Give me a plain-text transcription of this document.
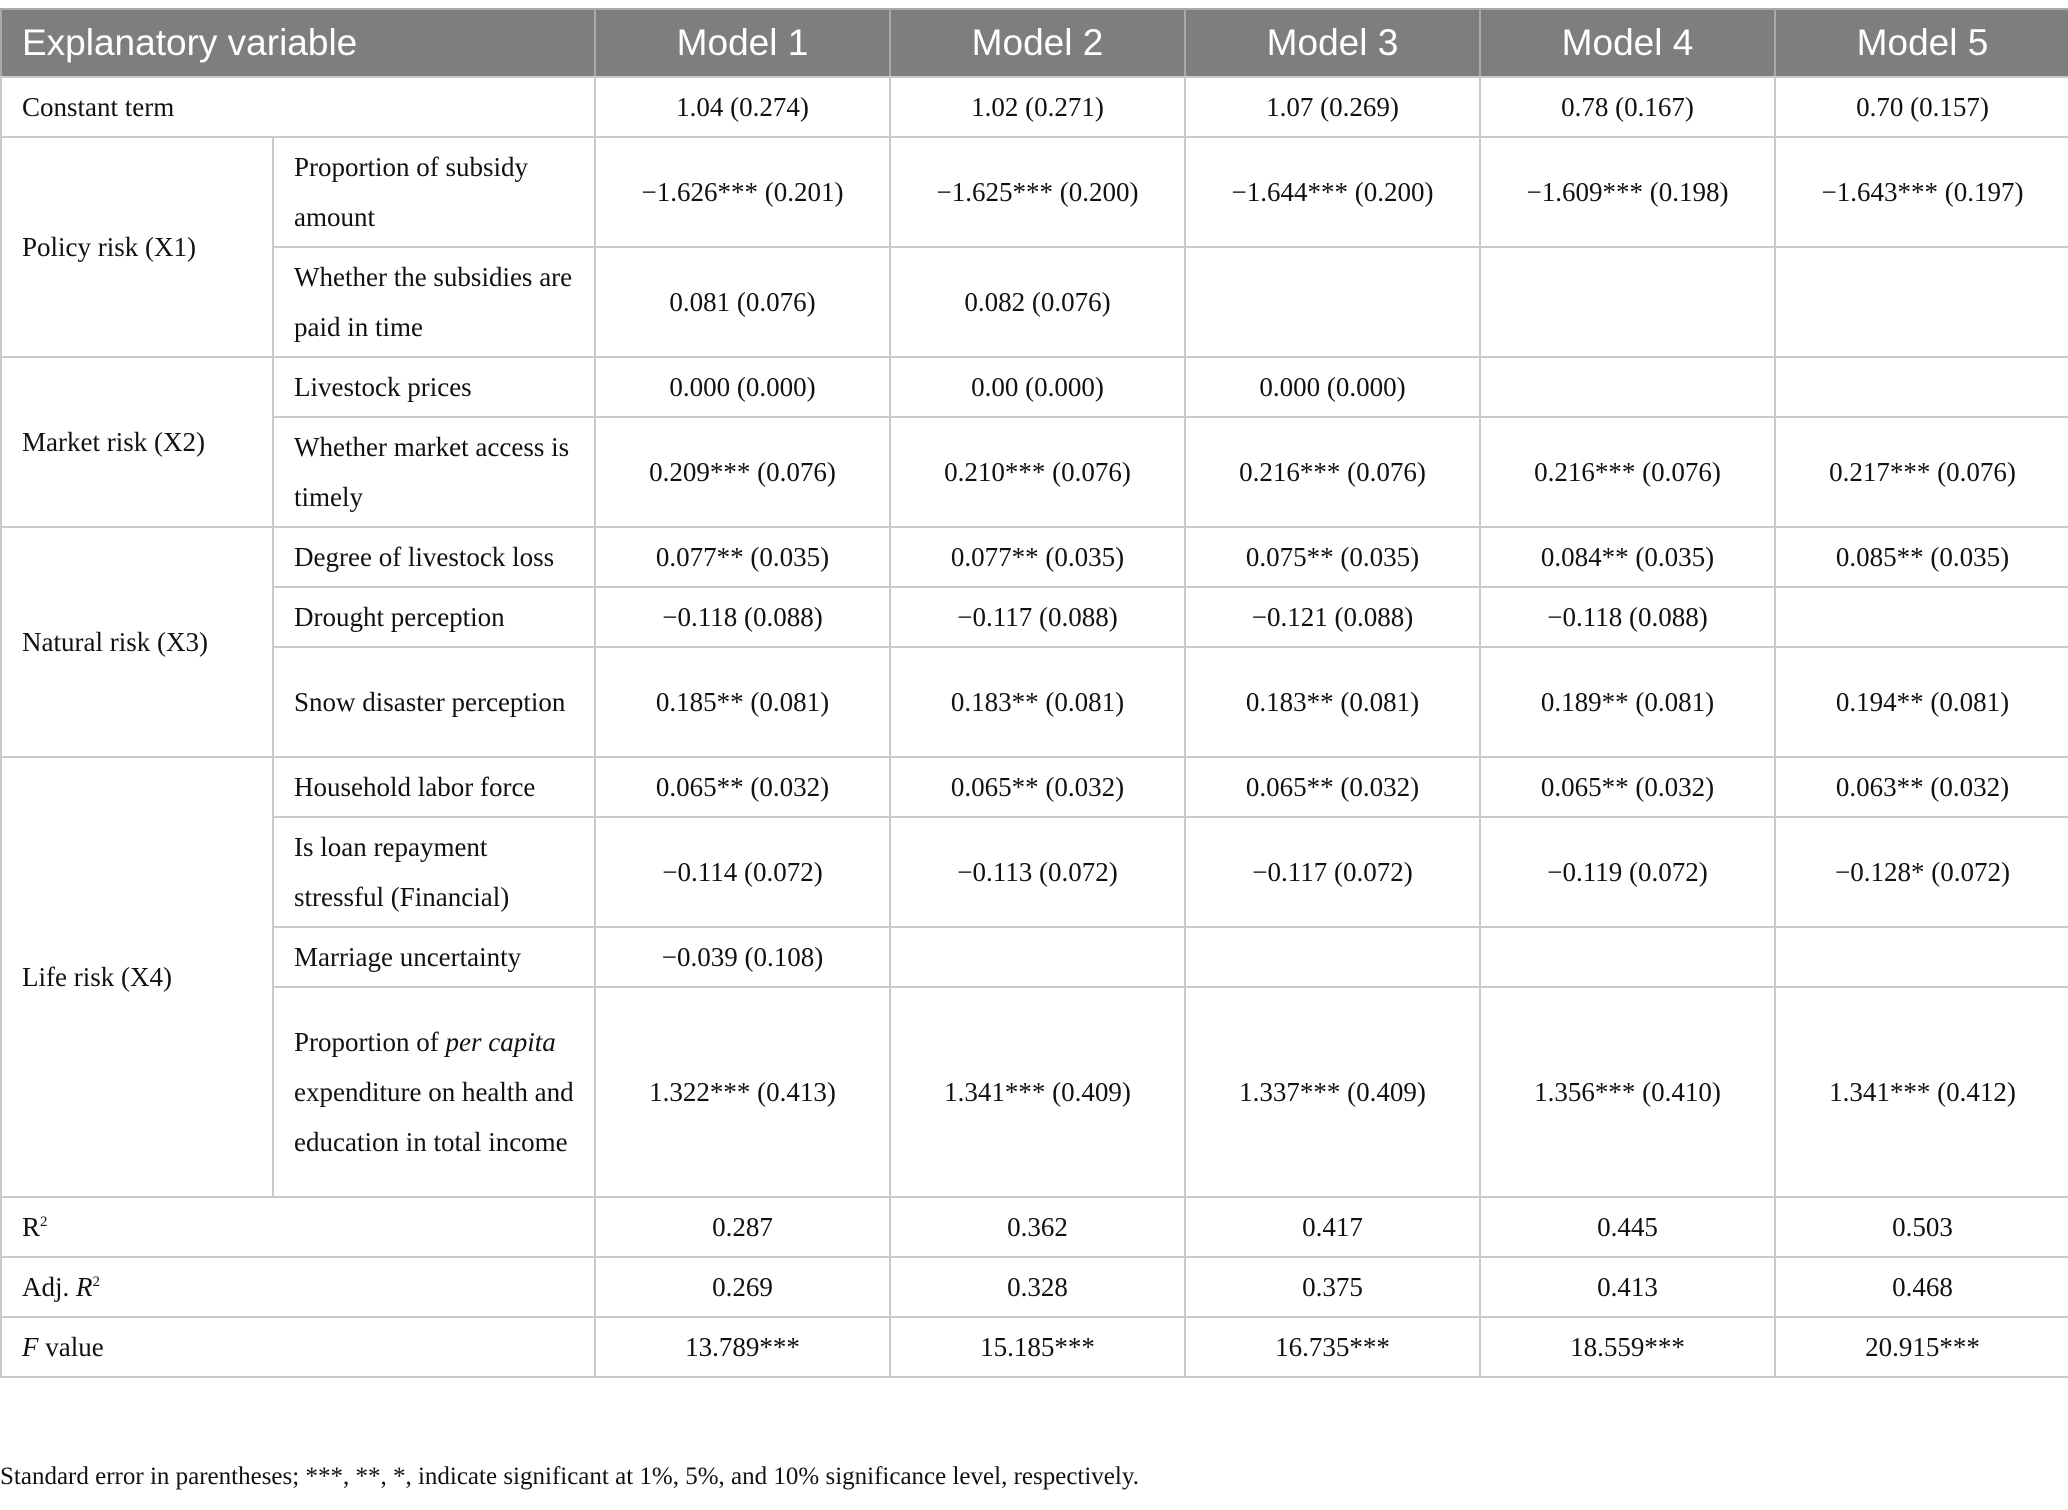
Explanatory variable		Model 1	Model 2	Model 3	Model 4	Model 5
Constant term		1.04 (0.274)	1.02 (0.271)	1.07 (0.269)	0.78 (0.167)	0.70 (0.157)
Policy risk (X1)	Proportion of subsidy amount	−1.626*** (0.201)	−1.625*** (0.200)	−1.644*** (0.200)	−1.609*** (0.198)	−1.643*** (0.197)
	Whether the subsidies are paid in time	0.081 (0.076)	0.082 (0.076)			
Market risk (X2)	Livestock prices	0.000 (0.000)	0.00 (0.000)	0.000 (0.000)		
	Whether market access is timely	0.209*** (0.076)	0.210*** (0.076)	0.216*** (0.076)	0.216*** (0.076)	0.217*** (0.076)
Natural risk (X3)	Degree of livestock loss	0.077** (0.035)	0.077** (0.035)	0.075** (0.035)	0.084** (0.035)	0.085** (0.035)
	Drought perception	−0.118 (0.088)	−0.117 (0.088)	−0.121 (0.088)	−0.118 (0.088)	
	Snow disaster perception	0.185** (0.081)	0.183** (0.081)	0.183** (0.081)	0.189** (0.081)	0.194** (0.081)
Life risk (X4)	Household labor force	0.065** (0.032)	0.065** (0.032)	0.065** (0.032)	0.065** (0.032)	0.063** (0.032)
	Is loan repayment stressful (Financial)	−0.114 (0.072)	−0.113 (0.072)	−0.117 (0.072)	−0.119 (0.072)	−0.128* (0.072)
	Marriage uncertainty	−0.039 (0.108)				
	Proportion of per capita expenditure on health and education in total income	1.322*** (0.413)	1.341*** (0.409)	1.337*** (0.409)	1.356*** (0.410)	1.341*** (0.412)
$R^2$		0.287	0.362	0.417	0.445	0.503
Adj. $R^2$		0.269	0.328	0.375	0.413	0.468
F value		13.789***	15.185***	16.735***	18.559***	20.915***
Standard error in parentheses; ***, **, *, indicate significant at 1%, 5%, and 10% significance level, respectively.
